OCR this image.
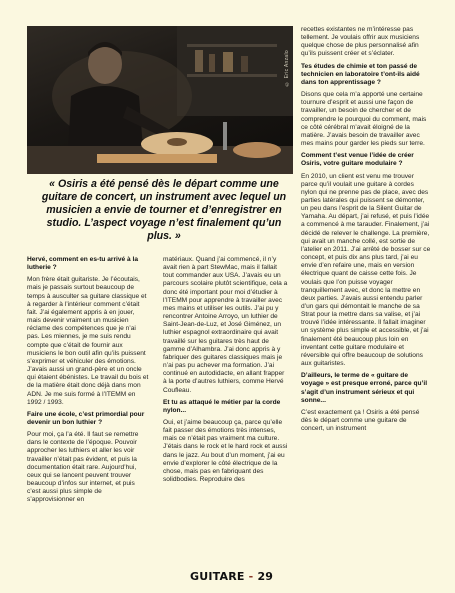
© Eric Anzalo
« Osiris a été pensé dès le départ comme une guitare de concert, un instrument avec lequel un musicien a envie de tourner et d’enregistrer en studio. L’aspect voyage n’est finalement qu’un plus. »

Hervé, comment en es-tu arrivé à la lutherie ?

Mon frère était guitariste. Je l’écoutais, mais je passais surtout beaucoup de temps à ausculter sa guitare classique et à regarder à l’intérieur comment c’était fait. J’ai également appris à en jouer, mais devenir vraiment un musicien réclame des compétences que je n’ai pas. Les miennes, je me suis rendu compte que c’était de fournir aux musiciens le bon outil afin qu’ils puissent s’exprimer et véhiculer des émotions. J’avais aussi un grand-père et un oncle qui étaient ébénistes. Le travail du bois et de la matière était donc déjà dans mon ADN. Je me suis formé à l’ITEMM en 1992 / 1993.

Faire une école, c’est primordial pour devenir un bon luthier ?

Pour moi, ça l’a été. Il faut se remettre dans le contexte de l’époque. Pouvoir approcher les luthiers et aller les voir travailler n’était pas évident, et puis la documentation était rare. Aujourd’hui, ceux qui se lancent peuvent trouver beaucoup d’infos sur internet, et puis c’est aussi plus simple de s’approvisionner en

matériaux. Quand j’ai commencé, il n’y avait rien à part StewMac, mais il fallait tout commander aux USA. J’avais eu un parcours scolaire plutôt scientifique, cela a donc été important pour moi d’étudier à l’ITEMM pour apprendre à travailler avec mes mains et utiliser les outils. J’ai pu y rencontrer Antoine Arroyo, un luthier de Saint-Jean-de-Luz, et José Giménez, un luthier espagnol extraordinaire qui avait travaillé sur les guitares très haut de gamme d’Alhambra. J’ai donc appris à y fabriquer des guitares classiques mais je n’ai pas pu achever ma formation. J’ai continué en autodidacte, en allant frapper à la porte d’autres luthiers, comme Hervé Coufleau.

Et tu as attaqué le métier par la corde nylon...

Oui, et j’aime beaucoup ça, parce qu’elle fait passer des émotions très intenses, mais ce n’était pas vraiment ma culture. J’étais dans le rock et le hard rock et aussi dans le jazz. Au bout d’un moment, j’ai eu envie d’explorer le côté électrique de la chose, mais pas en fabriquant des solidbodies. Reproduire des

recettes existantes ne m’intéresse pas tellement. Je voulais offrir aux musiciens quelque chose de plus personnalisé afin qu’ils puissent créer et s’éclater.

Tes études de chimie et ton passé de technicien en laboratoire t’ont-ils aidé dans ton apprentissage ?

Disons que cela m’a apporté une certaine tournure d’esprit et aussi une façon de travailler, un besoin de chercher et de comprendre le pourquoi du comment, mais ce côté cérébral m’avait éloigné de la matière. J’avais besoin de travailler avec mes mains pour garder les pieds sur terre.

Comment t’est venue l’idée de créer Osiris, votre guitare modulaire ?

En 2010, un client est venu me trouver parce qu’il voulait une guitare à cordes nylon qui ne prenne pas de place, avec des parties latérales qui puissent se démonter, un peu dans l’esprit de la Silent Guitar de Yamaha. Au départ, j’ai refusé, et puis l’idée a commencé à me tarauder. Finalement, j’ai décidé de relever le challenge. La première, qui avait un manche collé, est sortie de l’atelier en 2011. J’ai arrêté de bosser sur ce concept, et puis dix ans plus tard, j’ai eu envie d’en refaire une, mais en version électrique quant de caisse cette fois. Je voulais que l’on puisse voyager tranquillement avec, et donc la mettre en deux parties. J’avais aussi entendu parler d’un gars qui démontait le manche de sa Strat pour la mettre dans sa valise, et j’ai trouvé l’idée intéressante. Il fallait imaginer un système plus simple et accessible, et j’ai finalement été beaucoup plus loin en inventant cette guitare modulaire et réversible qui offre beaucoup de solutions aux guitaristes.

D’ailleurs, le terme de « guitare de voyage » est presque erroné, parce qu’il s’agit d’un instrument sérieux et qui sonne...

C’est exactement ça ! Osiris a été pensé dès le départ comme une guitare de concert, un instrument

GUITARE - 29
